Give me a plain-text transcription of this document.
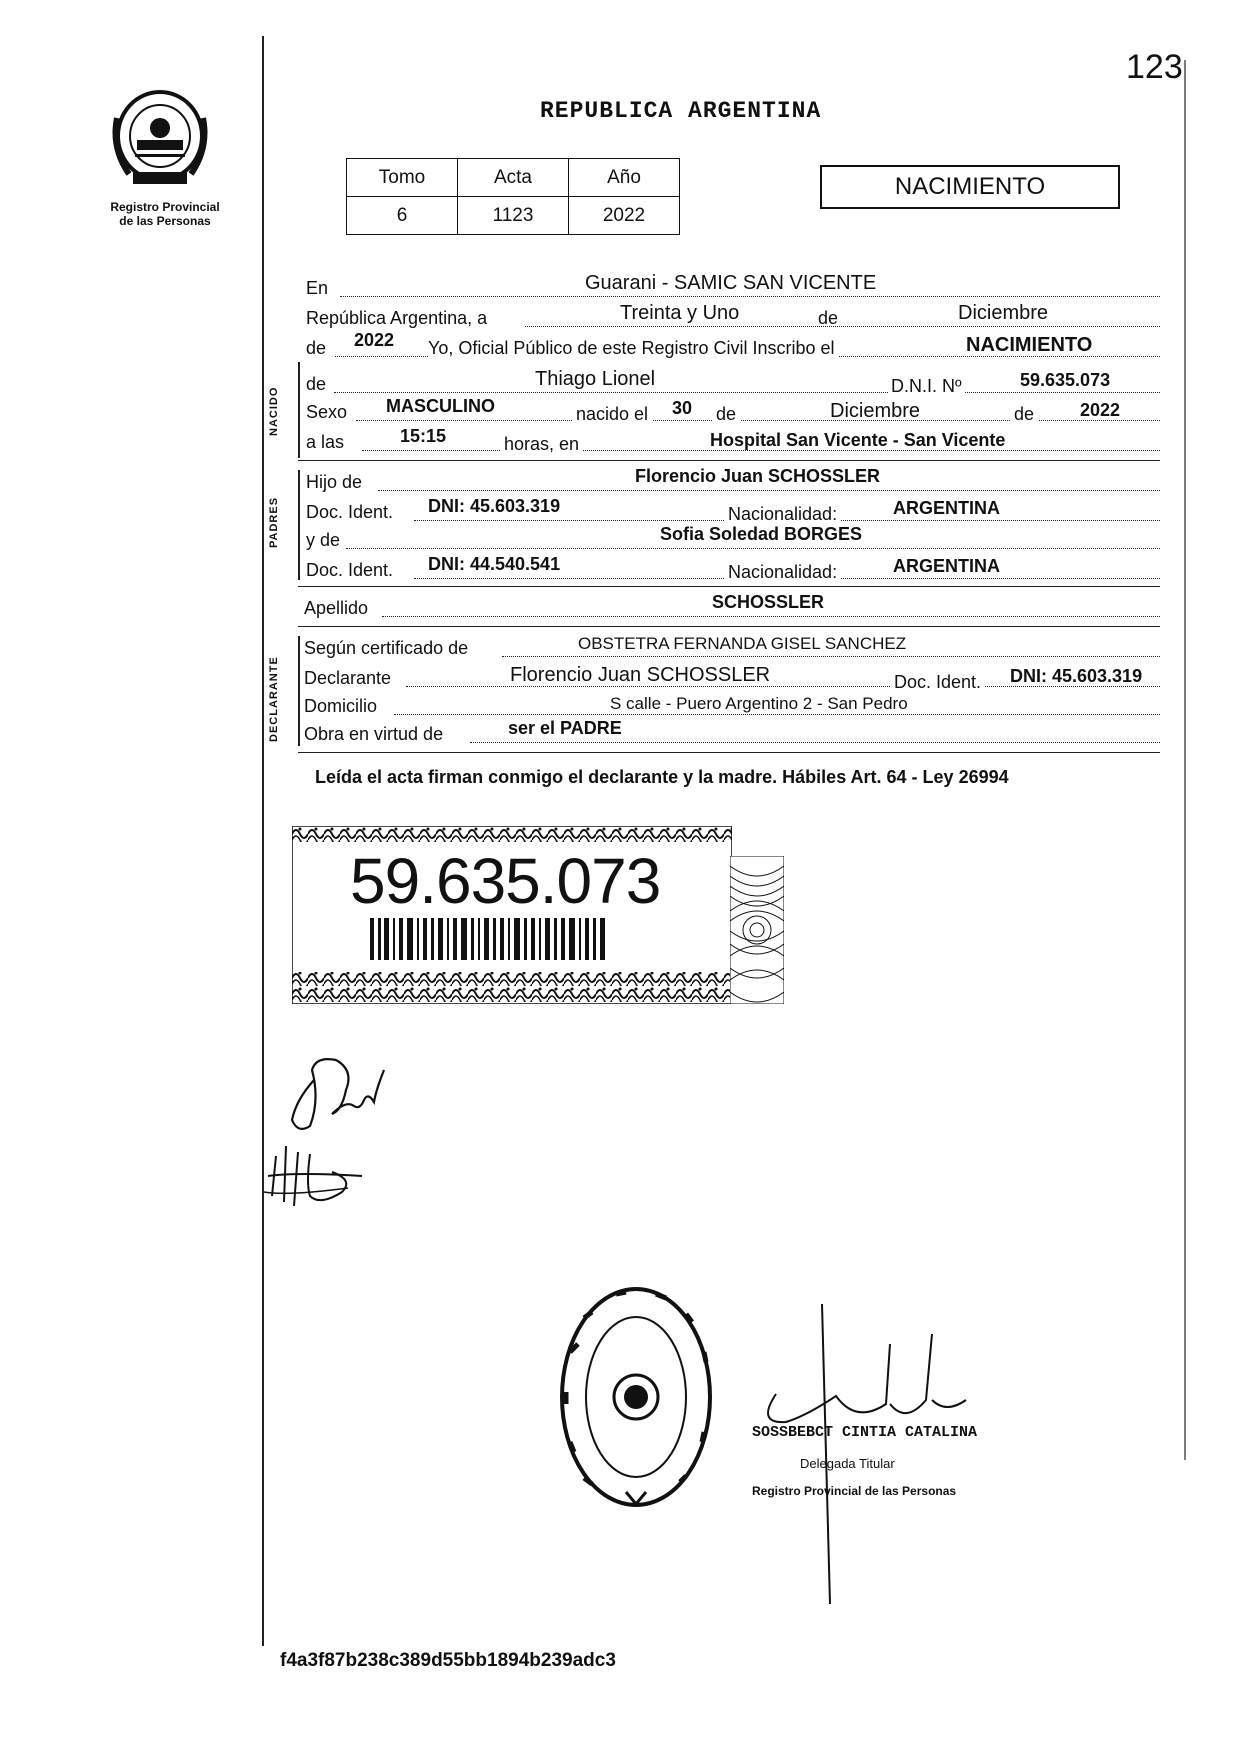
123
Registro Provincial
de las Personas
REPUBLICA ARGENTINA
Tomo	Acta	Año
6	1123	2022
NACIMIENTO
En	Guarani - SAMIC SAN VICENTE
República Argentina, a	Treinta y Uno	de	Diciembre
de 2022 Yo, Oficial Público de este Registro Civil Inscribo el	NACIMIENTO
NACIDO
de	Thiago Lionel	D.N.I. Nº	59.635.073
Sexo MASCULINO	nacido el 30 de	Diciembre	de	2022
a las	15:15	horas, en	Hospital San Vicente - San Vicente
PADRES
Hijo de	Florencio Juan SCHOSSLER
Doc. Ident. DNI: 45.603.319	Nacionalidad:	ARGENTINA
y de	Sofia Soledad BORGES
Doc. Ident. DNI: 44.540.541	Nacionalidad:	ARGENTINA
Apellido	SCHOSSLER
DECLARANTE
Según certificado de	OBSTETRA FERNANDA GISEL SANCHEZ
Declarante	Florencio Juan SCHOSSLER	Doc. Ident. DNI: 45.603.319
Domicilio	S calle - Puero Argentino 2 - San Pedro
Obra en virtud de	ser el PADRE
Leída el acta firman conmigo el declarante y la madre. Hábiles Art. 64 - Ley 26994
59.635.073
SOSSBEBCT CINTIA CATALINA
Delegada Titular
Registro Provincial de las Personas
f4a3f87b238c389d55bb1894b239adc3
